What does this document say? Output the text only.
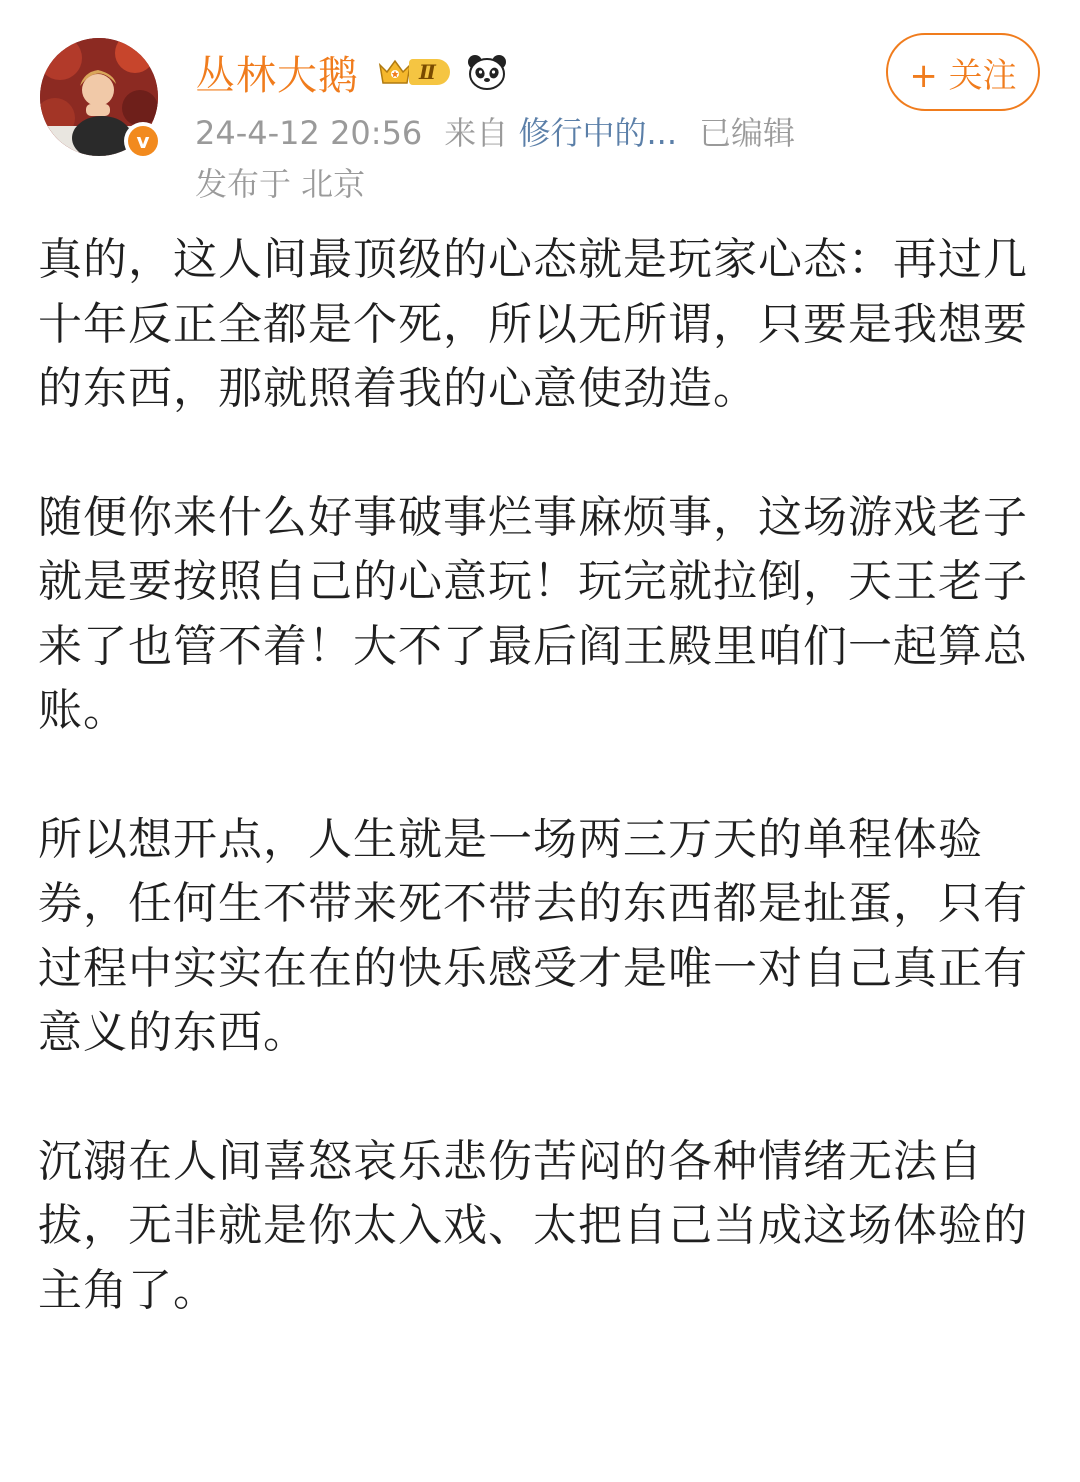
v
丛林大鹅	Ⅱ	+ 关注
24-4-12 20:56 来自 修行中的... 已编辑
发布于 北京

真的，这人间最顶级的心态就是玩家心态：再过几十年反正全都是个死，所以无所谓，只要是我想要的东西，那就照着我的心意使劲造。

随便你来什么好事破事烂事麻烦事，这场游戏老子就是要按照自己的心意玩！玩完就拉倒，天王老子来了也管不着！大不了最后阎王殿里咱们一起算总账。

所以想开点，人生就是一场两三万天的单程体验券，任何生不带来死不带去的东西都是扯蛋，只有过程中实实在在的快乐感受才是唯一对自己真正有意义的东西。

沉溺在人间喜怒哀乐悲伤苦闷的各种情绪无法自拔，无非就是你太入戏、太把自己当成这场体验的主角了。
